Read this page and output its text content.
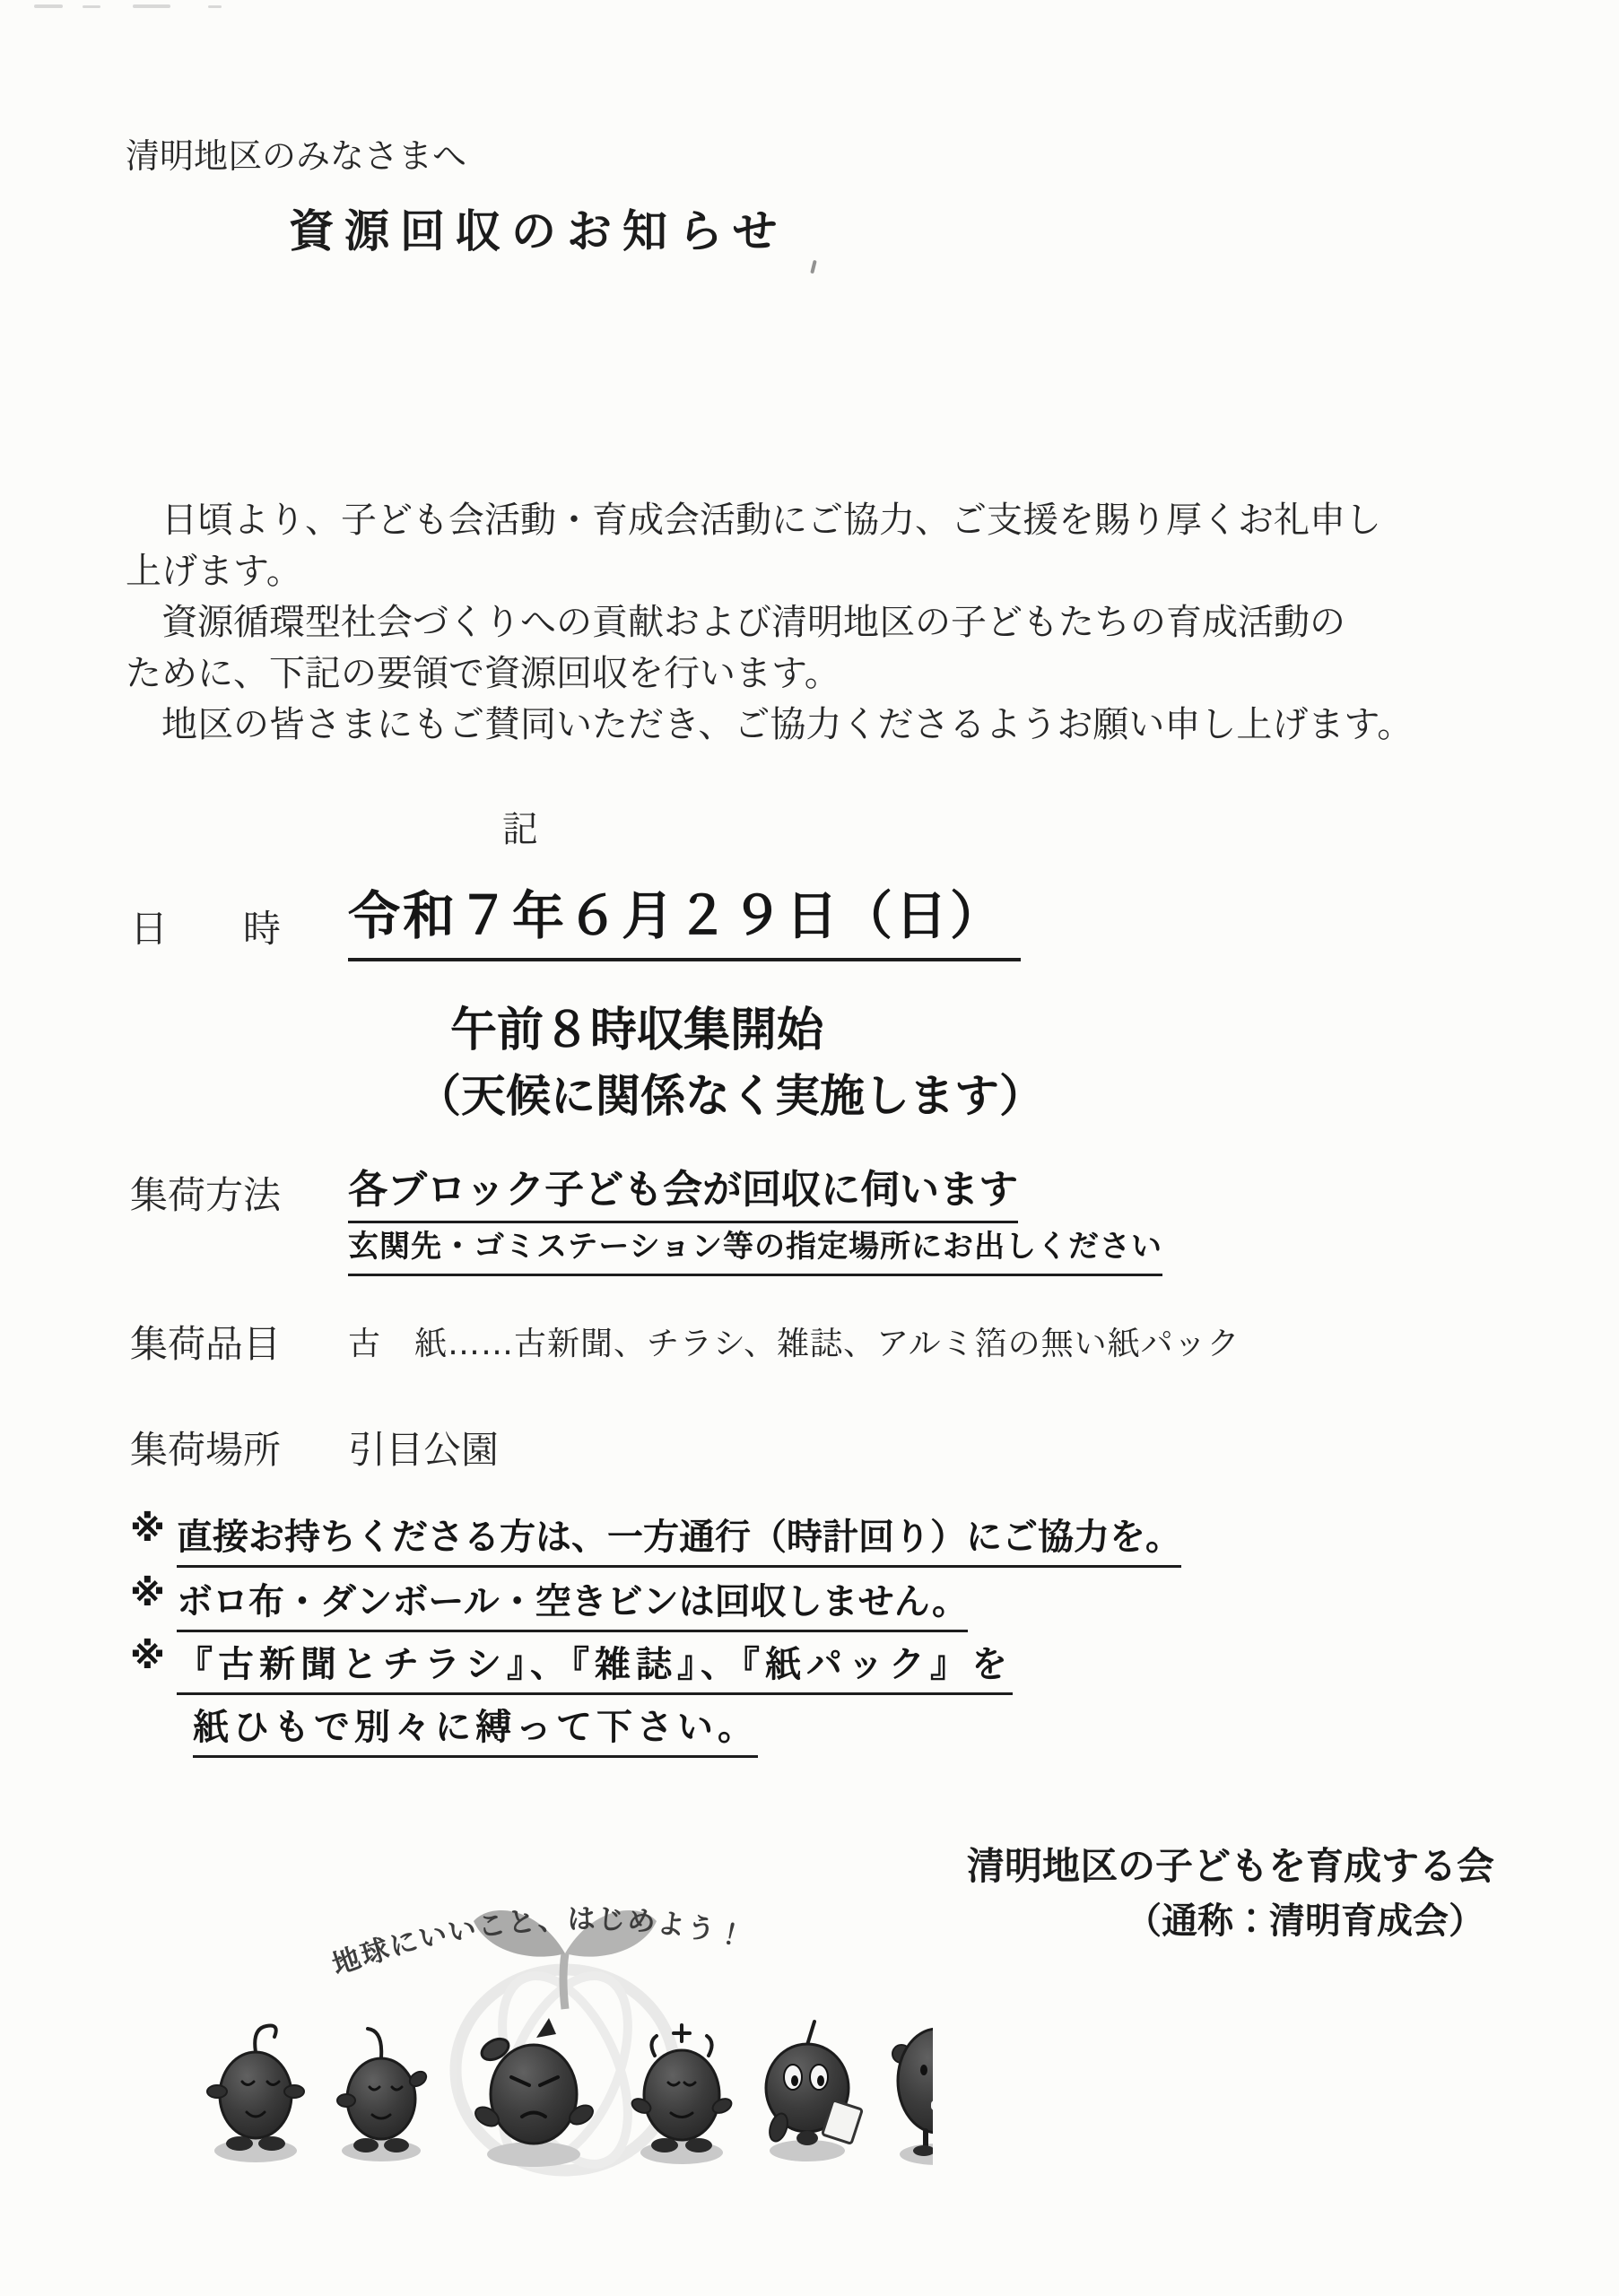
清明地区のみなさまへ
資源回収のお知らせ
　日頃より、子ども会活動・育成会活動にご協力、ご支援を賜り厚くお礼申し
上げます。
　資源循環型社会づくりへの貢献および清明地区の子どもたちの育成活動の
ために、下記の要領で資源回収を行います。
　地区の皆さまにもご賛同いただき、ご協力くださるようお願い申し上げます。
記
日　　時 令和７年６月２９日（日）
午前８時収集開始
（天候に関係なく実施します）
集荷方法 各ブロック子ども会が回収に伺います
玄関先・ゴミステーション等の指定場所にお出しください
集荷品目 古　紙……古新聞、チラシ、雑誌、アルミ箔の無い紙パック
集荷場所 引目公園
※ 直接お持ちくださる方は、一方通行（時計回り）にご協力を。
※ ボロ布・ダンボール・空きビンは回収しません。
※ 『古新聞とチラシ』、『雑誌』、『紙パック』を
紙ひもで別々に縛って下さい。
清明地区の子どもを育成する会
（通称：清明育成会）
地球にいいこと、はじめよう！
